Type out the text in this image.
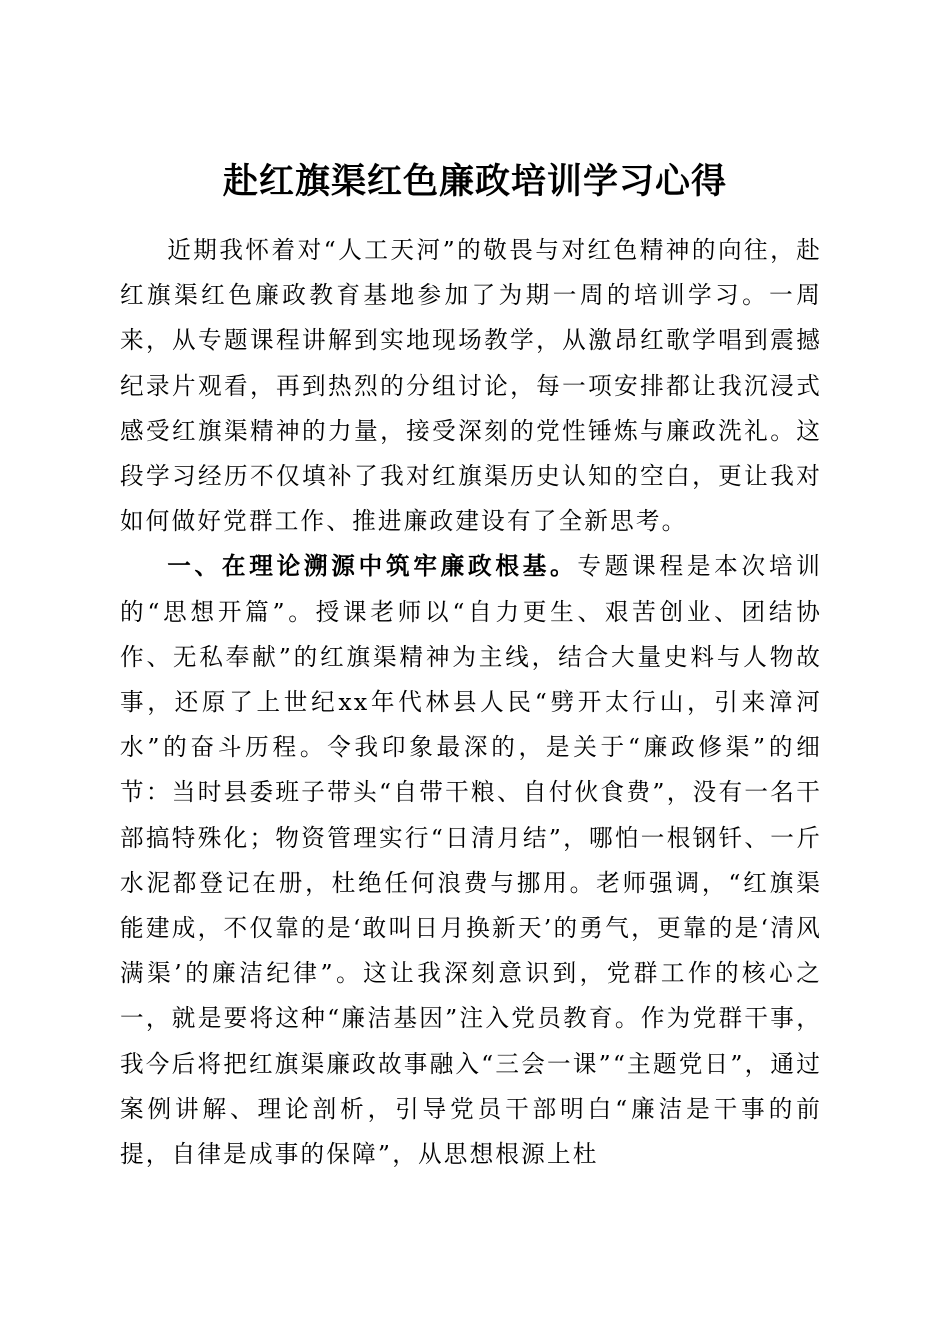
赴红旗渠红色廉政培训学习心得

近期我怀着对“人工天河”的敬畏与对红色精神的向往，赴红旗渠红色廉政教育基地参加了为期一周的培训学习。一周来，从专题课程讲解到实地现场教学，从激昂红歌学唱到震撼纪录片观看，再到热烈的分组讨论，每一项安排都让我沉浸式感受红旗渠精神的力量，接受深刻的党性锤炼与廉政洗礼。这段学习经历不仅填补了我对红旗渠历史认知的空白，更让我对如何做好党群工作、推进廉政建设有了全新思考。

一、在理论溯源中筑牢廉政根基。专题课程是本次培训的“思想开篇”。授课老师以“自力更生、艰苦创业、团结协作、无私奉献”的红旗渠精神为主线，结合大量史料与人物故事，还原了上世纪xx年代林县人民“劈开太行山，引来漳河水”的奋斗历程。令我印象最深的，是关于“廉政修渠”的细节：当时县委班子带头“自带干粮、自付伙食费”，没有一名干部搞特殊化；物资管理实行“日清月结”，哪怕一根钢钎、一斤水泥都登记在册，杜绝任何浪费与挪用。老师强调，“红旗渠能建成，不仅靠的是‘敢叫日月换新天’的勇气，更靠的是‘清风满渠’的廉洁纪律”。这让我深刻意识到，党群工作的核心之一，就是要将这种“廉洁基因”注入党员教育。作为党群干事，我今后将把红旗渠廉政故事融入“三会一课”“主题党日”，通过案例讲解、理论剖析，引导党员干部明白“廉洁是干事的前提，自律是成事的保障”，从思想根源上杜
